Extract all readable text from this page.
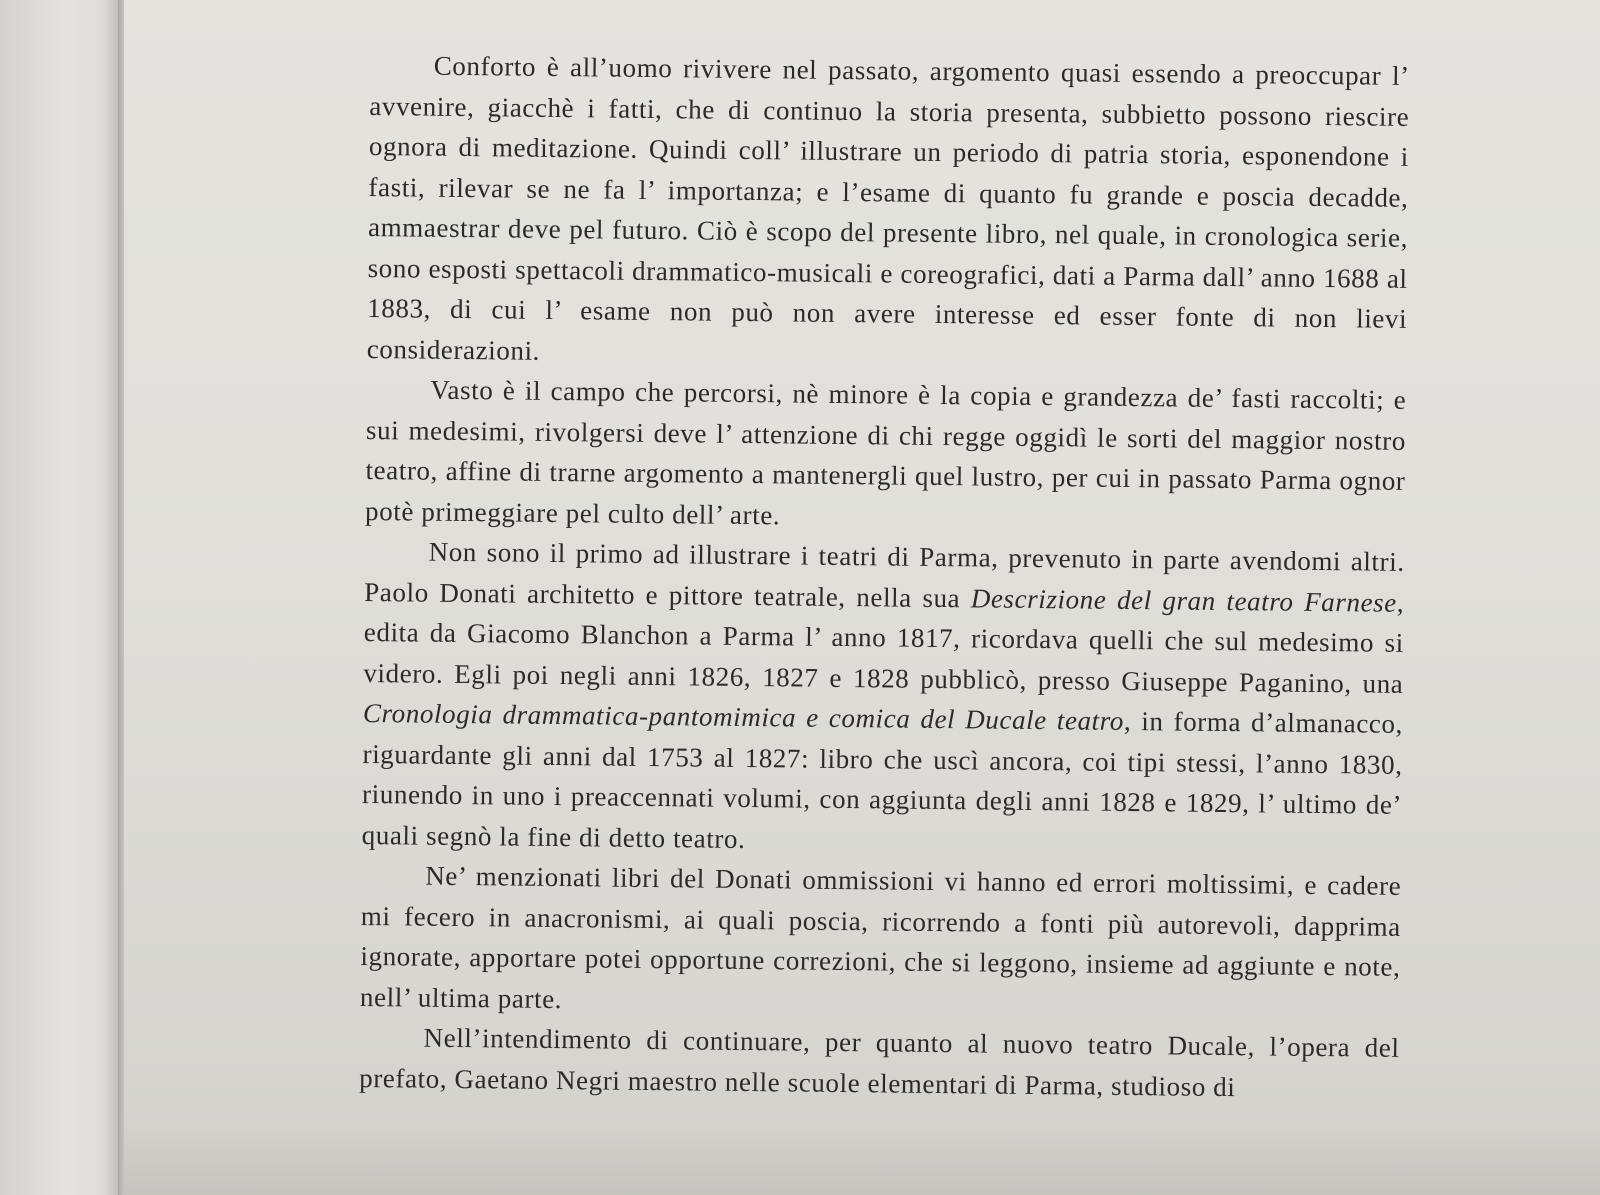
Conforto è all’uomo rivivere nel passato, argomento quasi essendo a preoccupar l’ avvenire, giacchè i fatti, che di continuo la storia presenta, subbietto possono riescire ognora di meditazione. Quindi coll’ illustrare un periodo di patria storia, esponendone i fasti, rilevar se ne fa l’ importanza; e l’esame di quanto fu grande e poscia decadde, ammaestrar deve pel futuro. Ciò è scopo del presente libro, nel quale, in cronologica serie, sono esposti spettacoli drammatico-musicali e coreografici, dati a Parma dall’ anno 1688 al 1883, di cui l’ esame non può non avere interesse ed esser fonte di non lievi considerazioni.

Vasto è il campo che percorsi, nè minore è la copia e grandezza de’ fasti raccolti; e sui medesimi, rivolgersi deve l’ attenzione di chi regge oggidì le sorti del maggior nostro teatro, affine di trarne argomento a mantenergli quel lustro, per cui in passato Parma ognor potè primeggiare pel culto dell’ arte.

Non sono il primo ad illustrare i teatri di Parma, prevenuto in parte avendomi altri. Paolo Donati architetto e pittore teatrale, nella sua Descrizione del gran teatro Farnese, edita da Giacomo Blanchon a Parma l’ anno 1817, ricordava quelli che sul medesimo si videro. Egli poi negli anni 1826, 1827 e 1828 pubblicò, presso Giuseppe Paganino, una Cronologia drammatica-pantomimica e comica del Ducale teatro, in forma d’almanacco, riguardante gli anni dal 1753 al 1827: libro che uscì ancora, coi tipi stessi, l’anno 1830, riunendo in uno i preaccennati volumi, con aggiunta degli anni 1828 e 1829, l’ ultimo de’ quali segnò la fine di detto teatro.

Ne’ menzionati libri del Donati ommissioni vi hanno ed errori moltissimi, e cadere mi fecero in anacronismi, ai quali poscia, ricorrendo a fonti più autorevoli, dapprima ignorate, apportare potei opportune correzioni, che si leggono, insieme ad aggiunte e note, nell’ ultima parte.

Nell’intendimento di continuare, per quanto al nuovo teatro Ducale, l’opera del prefato, Gaetano Negri maestro nelle scuole elementari di Parma, studioso di
